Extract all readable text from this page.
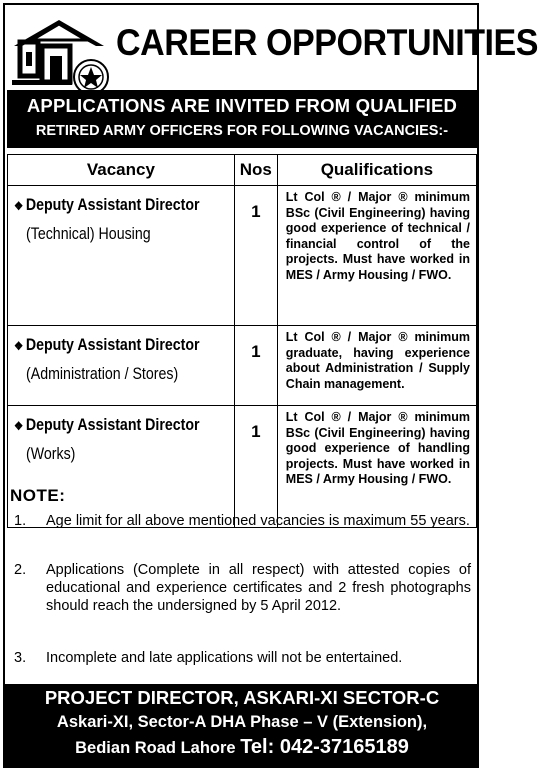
CAREER OPPORTUNITIES
APPLICATIONS ARE INVITED FROM QUALIFIED
RETIRED ARMY OFFICERS FOR FOLLOWING VACANCIES:-
Vacancy	Nos	Qualifications

❖ Deputy Assistant Director
(Technical) Housing	1	Lt Col ® / Major ® minimum BSc (Civil Engineering) having good experience of technical / financial control of the projects. Must have worked in MES / Army Housing / FWO.

❖ Deputy Assistant Director
(Administration / Stores)	1	Lt Col ® / Major ® minimum graduate, having experience about Administration / Supply Chain management.

❖ Deputy Assistant Director
(Works)	1	Lt Col ® / Major ® minimum BSc (Civil Engineering) having good experience of handling projects. Must have worked in MES / Army Housing / FWO.
NOTE:
1. Age limit for all above mentioned vacancies is maximum 55 years.
2. Applications (Complete in all respect) with attested copies of educational and experience certificates and 2 fresh photographs should reach the undersigned by 5 April 2012.
3. Incomplete and late applications will not be entertained.
PROJECT DIRECTOR, ASKARI-XI SECTOR-C
Askari-XI, Sector-A DHA Phase – V (Extension),
Bedian Road Lahore Tel: 042-37165189
